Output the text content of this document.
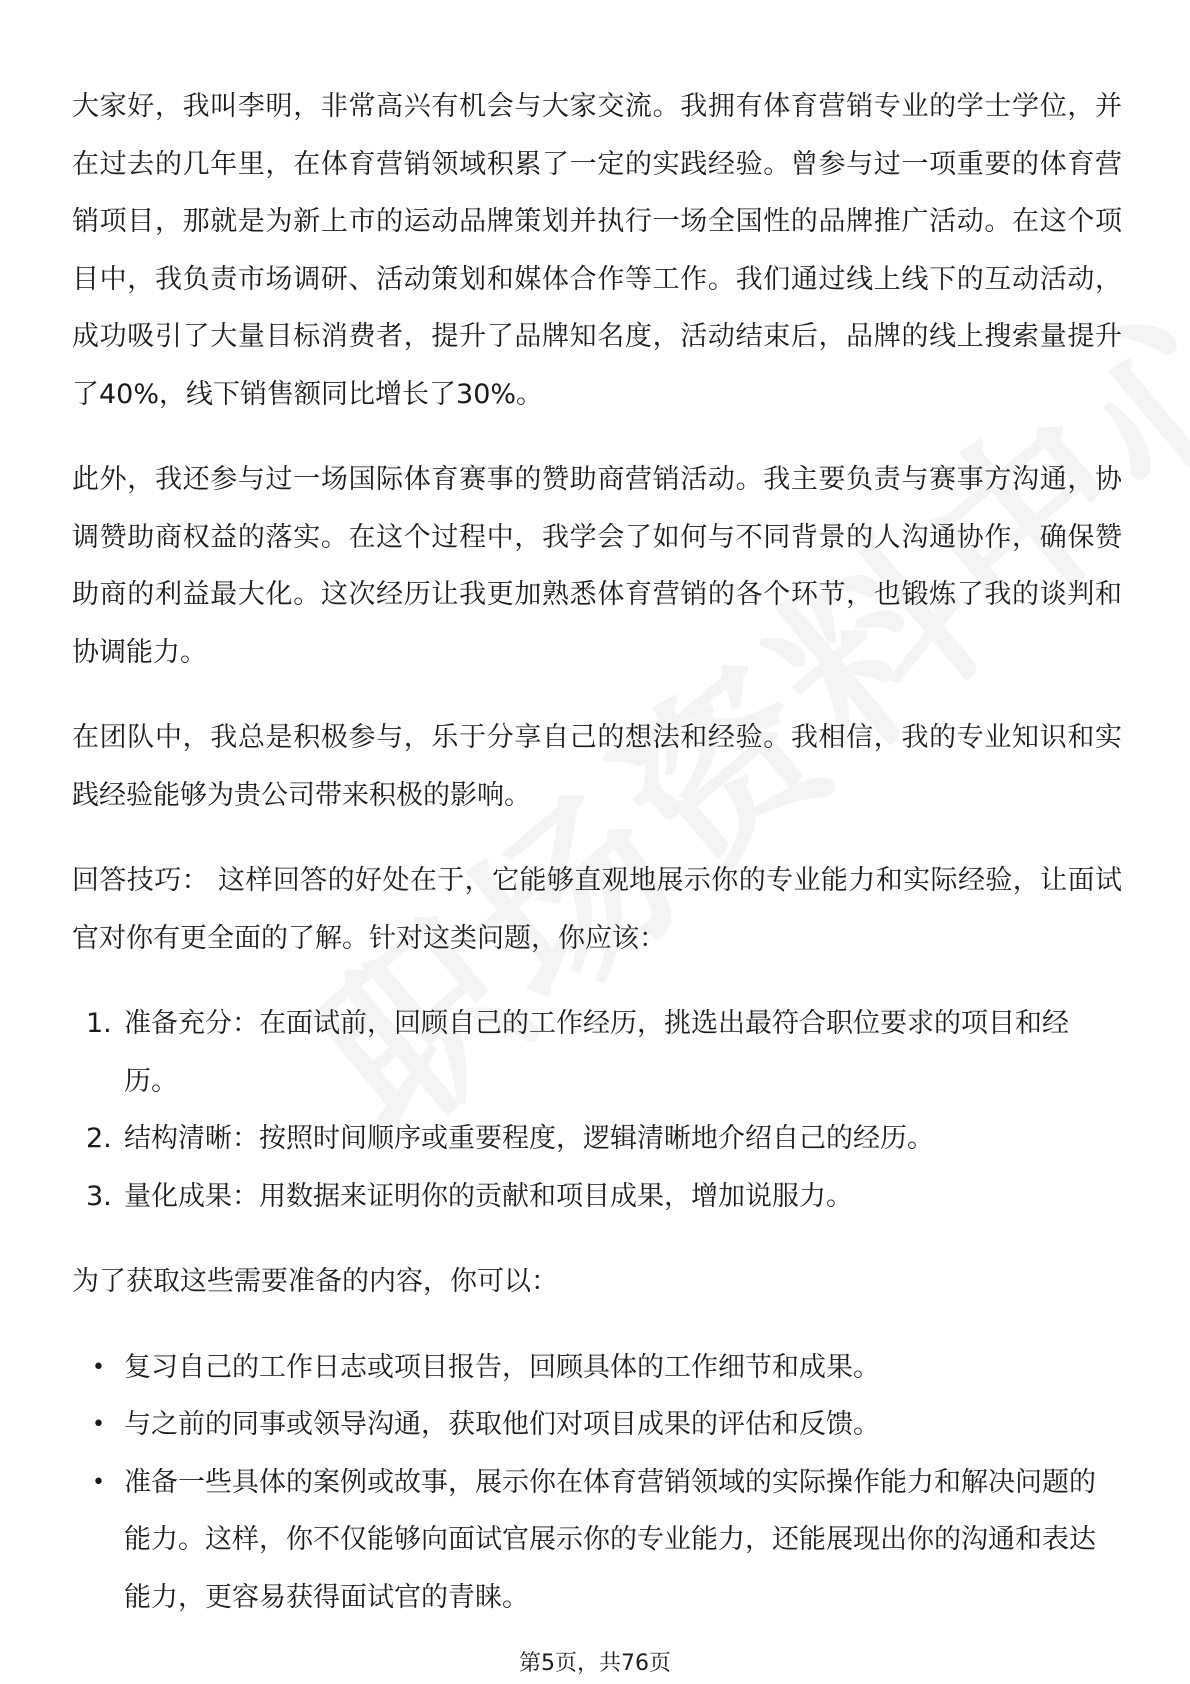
大家好，我叫李明，非常高兴有机会与大家交流。我拥有体育营销专业的学士学位，并在过去的几年里，在体育营销领域积累了一定的实践经验。曾参与过一项重要的体育营销项目，那就是为新上市的运动品牌策划并执行一场全国性的品牌推广活动。在这个项目中，我负责市场调研、活动策划和媒体合作等工作。我们通过线上线下的互动活动，成功吸引了大量目标消费者，提升了品牌知名度，活动结束后，品牌的线上搜索量提升了40%，线下销售额同比增长了30%。

此外，我还参与过一场国际体育赛事的赞助商营销活动。我主要负责与赛事方沟通，协调赞助商权益的落实。在这个过程中，我学会了如何与不同背景的人沟通协作，确保赞助商的利益最大化。这次经历让我更加熟悉体育营销的各个环节，也锻炼了我的谈判和协调能力。

在团队中，我总是积极参与，乐于分享自己的想法和经验。我相信，我的专业知识和实践经验能够为贵公司带来积极的影响。

回答技巧： 这样回答的好处在于，它能够直观地展示你的专业能力和实际经验，让面试官对你有更全面的了解。针对这类问题，你应该：

1. 准备充分：在面试前，回顾自己的工作经历，挑选出最符合职位要求的项目和经历。
2. 结构清晰：按照时间顺序或重要程度，逻辑清晰地介绍自己的经历。
3. 量化成果：用数据来证明你的贡献和项目成果，增加说服力。

为了获取这些需要准备的内容，你可以：

• 复习自己的工作日志或项目报告，回顾具体的工作细节和成果。
• 与之前的同事或领导沟通，获取他们对项目成果的评估和反馈。
• 准备一些具体的案例或故事，展示你在体育营销领域的实际操作能力和解决问题的能力。这样，你不仅能够向面试官展示你的专业能力，还能展现出你的沟通和表达能力，更容易获得面试官的青睐。
第5页，共76页
